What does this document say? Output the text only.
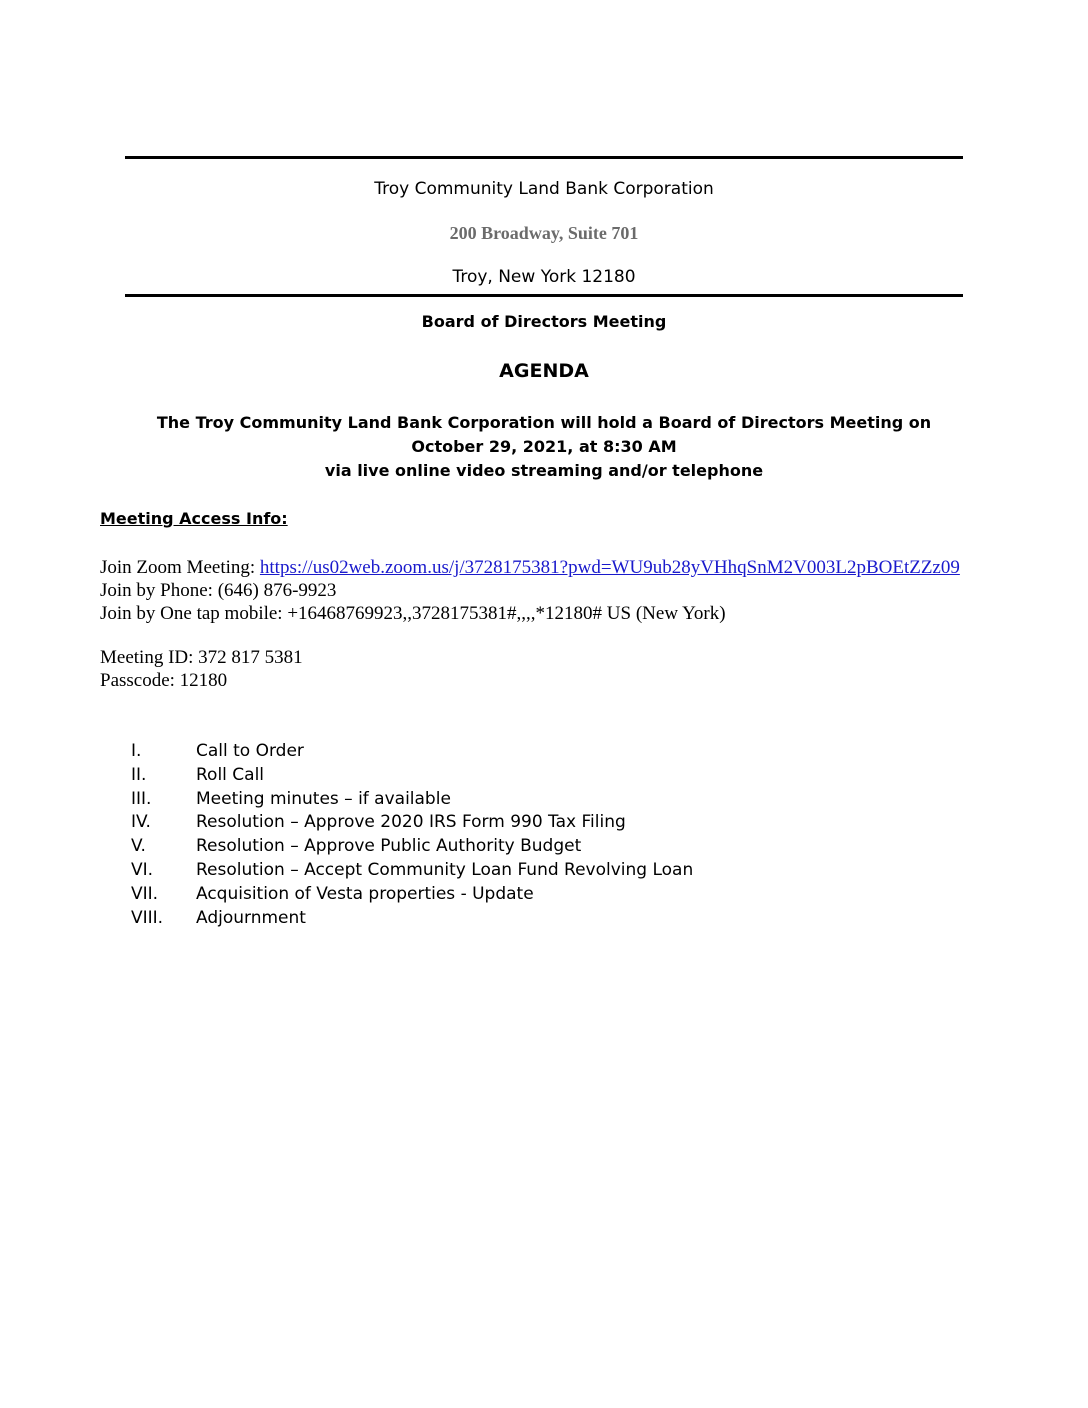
Troy Community Land Bank Corporation
200 Broadway, Suite 701
Troy, New York 12180
Board of Directors Meeting
AGENDA
The Troy Community Land Bank Corporation will hold a Board of Directors Meeting on
October 29, 2021, at 8:30 AM
via live online video streaming and/or telephone
Meeting Access Info:
Join Zoom Meeting: https://us02web.zoom.us/j/3728175381?pwd=WU9ub28yVHhqSnM2V003L2pBOEtZZz09
Join by Phone: (646) 876-9923
Join by One tap mobile: +16468769923,,3728175381#,,,,*12180# US (New York)
Meeting ID: 372 817 5381
Passcode: 12180
I.	Call to Order
II.	Roll Call
III.	Meeting minutes – if available
IV.	Resolution – Approve 2020 IRS Form 990 Tax Filing
V.	Resolution – Approve Public Authority Budget
VI.	Resolution – Accept Community Loan Fund Revolving Loan
VII. Acquisition of Vesta properties - Update
VIII. Adjournment
